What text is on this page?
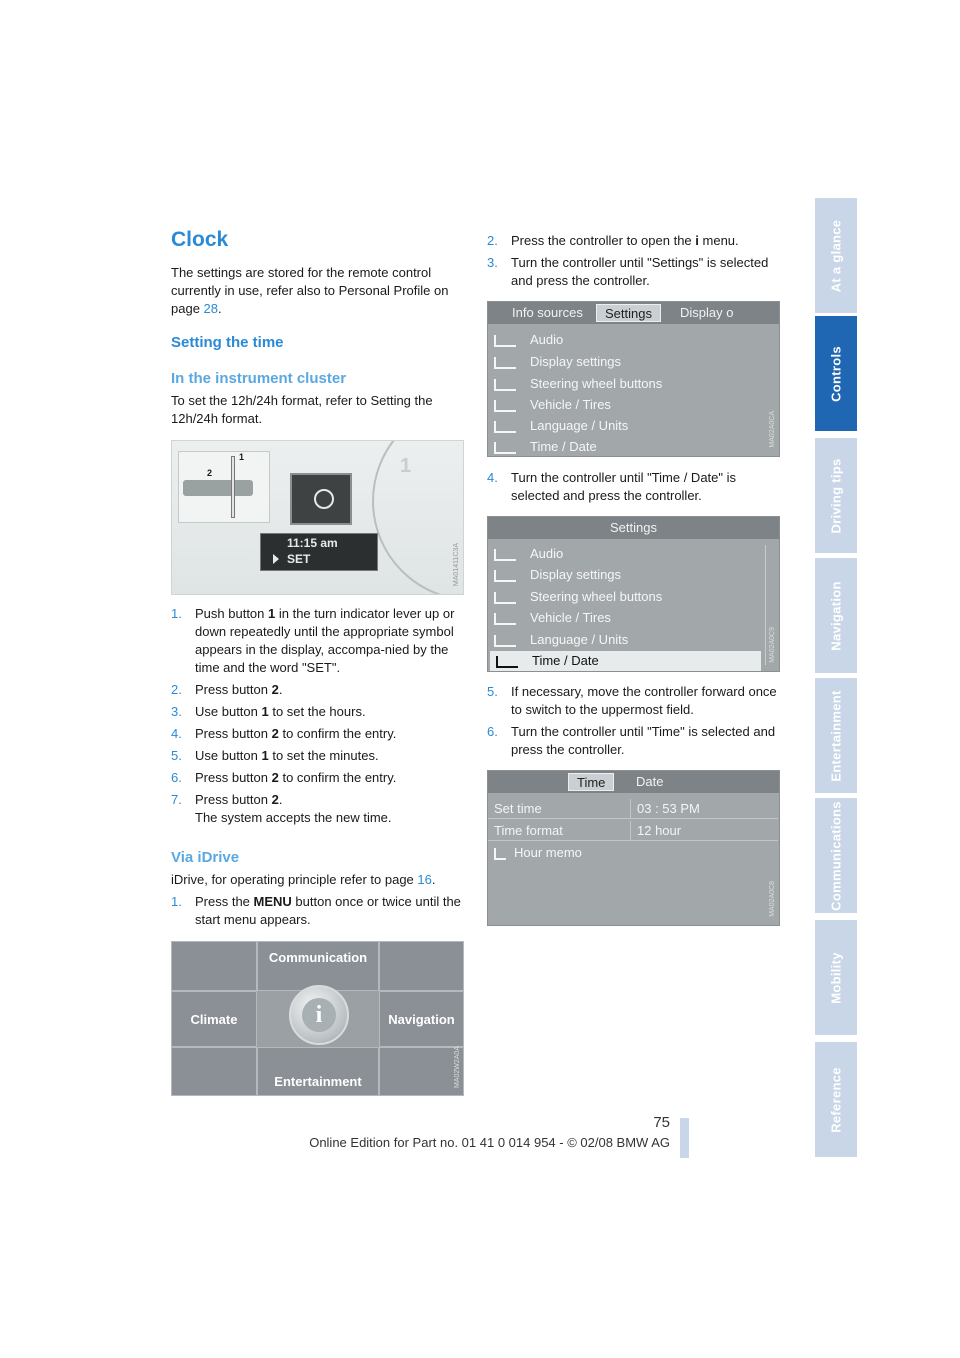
At a glance
Controls
Driving tips
Navigation
Entertainment
Communications
Mobility
Reference
Clock
The settings are stored for the remote control currently in use, refer also to Personal Profile on page 28.
Setting the time
In the instrument cluster
To set the 12h/24h format, refer to Setting the 12h/24h format.
1
2	1
11:15 am
SET	MA01411C3A
1. Push button 1 in the turn indicator lever up or down repeatedly until the appropriate symbol appears in the display, accompa-nied by the time and the word "SET".
2. Press button 2.
3. Use button 1 to set the hours.
4. Press button 2 to confirm the entry.
5. Use button 1 to set the minutes.
6. Press button 2 to confirm the entry.
7. Press button 2.
The system accepts the new time.
Via iDrive
iDrive, for operating principle refer to page 16.
1. Press the MENU button once or twice until the start menu appears.
Communication
Climate	Navigation
Entertainment
i
MA02W2A0A
2. Press the controller to open the i menu.
3. Turn the controller until "Settings" is selected and press the controller.
Info sources	Settings	Display o
Audio
Display settings
Steering wheel buttons
Vehicle / Tires
Language / Units
Time / Date	MA02A0CA
4. Turn the controller until "Time / Date" is selected and press the controller.
Settings
Audio
Display settings
Steering wheel buttons
Vehicle / Tires
Language / Units
Time / Date	MA02A0C9
5. If necessary, move the controller forward once to switch to the uppermost field.
6. Turn the controller until "Time" is selected and press the controller.
Time	Date
Set time	03 : 53 PM
Time format	12 hour
Hour memo
MA02A0C8
75
Online Edition for Part no. 01 41 0 014 954 - © 02/08 BMW AG
